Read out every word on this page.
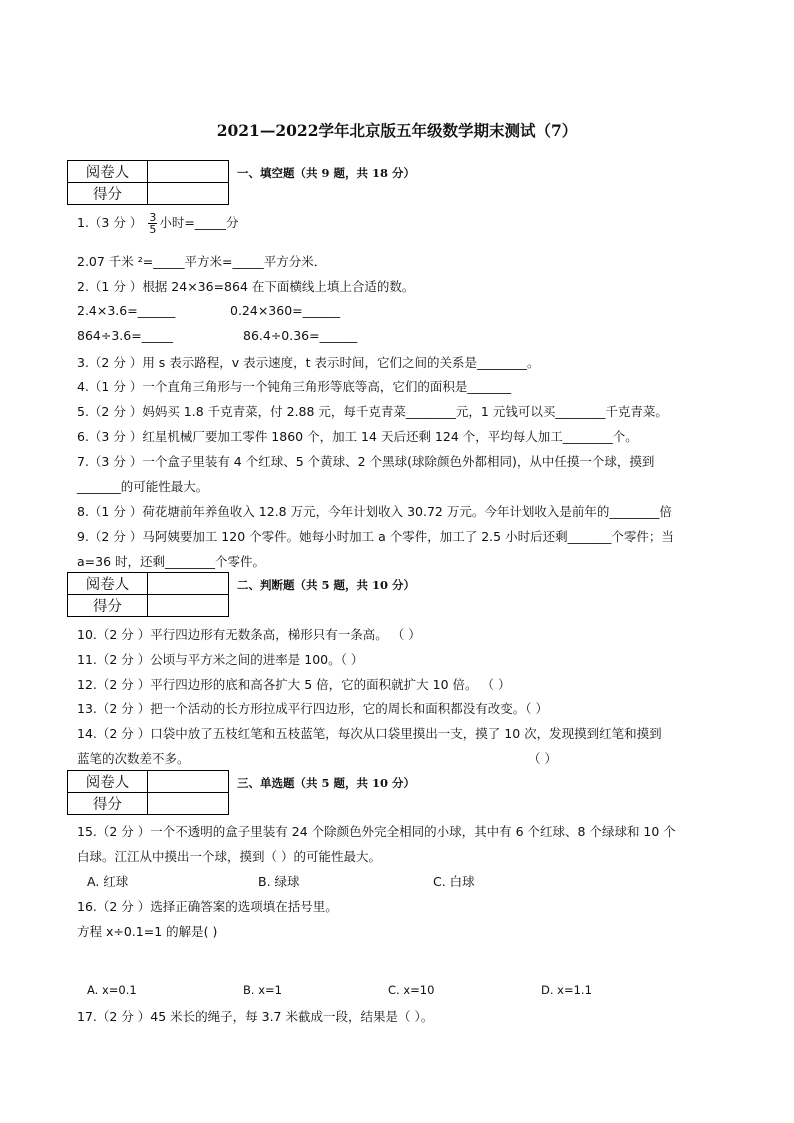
2021—2022学年北京版五年级数学期末测试（7）
阅卷人	
得分	
一、填空题（共 9 题，共 18 分）
1.（3 分 ） $\frac{3}{5}$ 小时=_____分
2.07 千米 ²=_____平方米=_____平方分米．
2.（1 分 ）根据 24×36=864 在下面横线上填上合适的数。
2.4×3.6=______	0.24×360=______
864÷3.6=_____	86.4÷0.36=______
3.（2 分 ）用 s 表示路程，v 表示速度，t 表示时间，它们之间的关系是________。
4.（1 分 ）一个直角三角形与一个钝角三角形等底等高，它们的面积是_______
5.（2 分 ）妈妈买 1.8 千克青菜，付 2.88 元，每千克青菜________元，1 元钱可以买________千克青菜。
6.（3 分 ）红星机械厂要加工零件 1860 个，加工 14 天后还剩 124 个，平均每人加工________个。
7.（3 分 ）一个盒子里装有 4 个红球、5 个黄球、2 个黑球(球除颜色外都相同)，从中任摸一个球，摸到
_______的可能性最大。
8.（1 分 ）荷花塘前年养鱼收入 12.8 万元，今年计划收入 30.72 万元。今年计划收入是前年的________倍
9.（2 分 ）马阿姨要加工 120 个零件。她每小时加工 a 个零件，加工了 2.5 小时后还剩_______个零件；当
a=36 时，还剩________个零件。
阅卷人	
得分	
二、判断题（共 5 题，共 10 分）
10.（2 分 ）平行四边形有无数条高，梯形只有一条高。 （ ）
11.（2 分 ）公顷与平方米之间的进率是 100。（ ）
12.（2 分 ）平行四边形的底和高各扩大 5 倍，它的面积就扩大 10 倍。 （ ）
13.（2 分 ）把一个活动的长方形拉成平行四边形，它的周长和面积都没有改变。（ ）
14.（2 分 ）口袋中放了五枝红笔和五枝蓝笔，每次从口袋里摸出一支，摸了 10 次，发现摸到红笔和摸到
蓝笔的次数差不多。	（ ）
阅卷人	
得分	
三、单选题（共 5 题，共 10 分）
15.（2 分 ）一个不透明的盒子里装有 24 个除颜色外完全相同的小球，其中有 6 个红球、8 个绿球和 10 个
白球。江江从中摸出一个球，摸到（ ）的可能性最大。
A. 红球	B. 绿球	C. 白球
16.（2 分 ）选择正确答案的选项填在括号里。
方程 x÷0.1=1 的解是( )
A. x=0.1	B. x=1	C. x=10	D. x=1.1
17.（2 分 ）45 米长的绳子，每 3.7 米截成一段，结果是（ ）。
